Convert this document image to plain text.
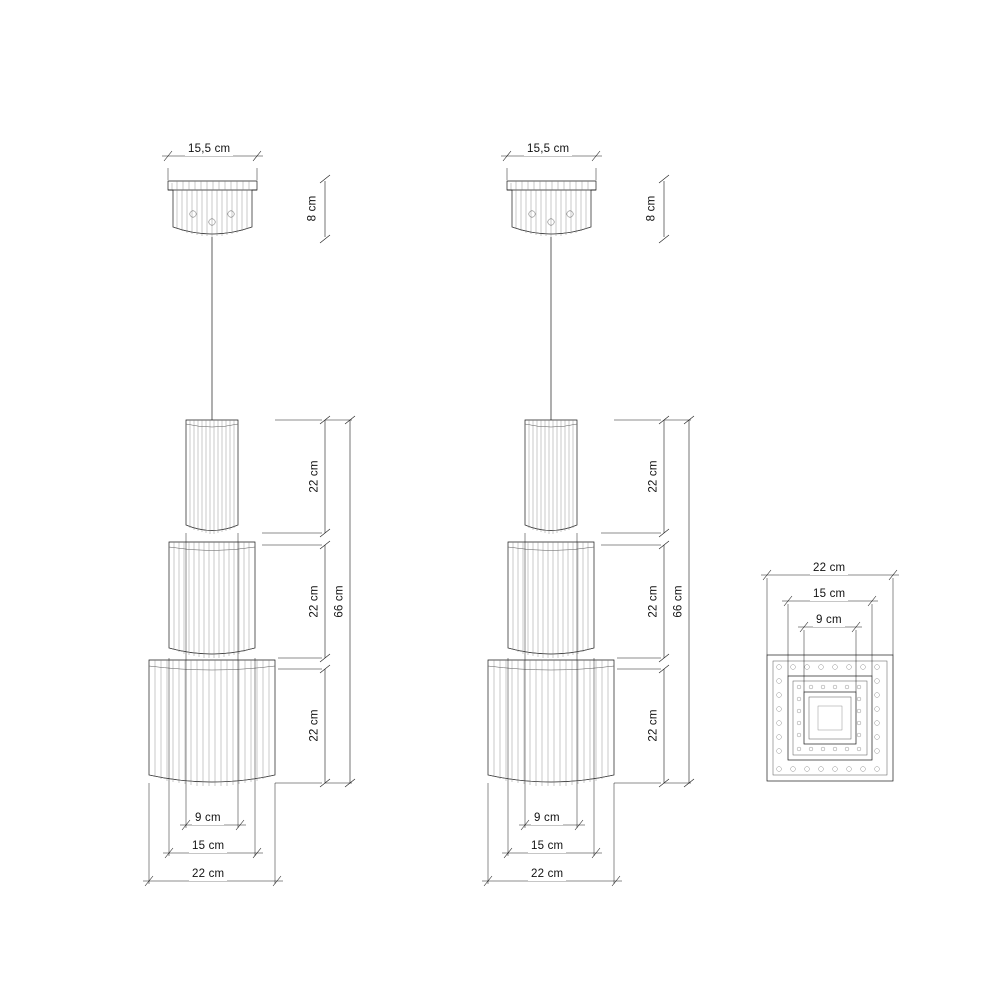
15,5 cm
8 cm
22 cm
22 cm
22 cm
66 cm
9 cm
15 cm
22 cm
15,5 cm
8 cm
22 cm
22 cm
22 cm
66 cm
9 cm
15 cm
22 cm
22 cm
15 cm
9 cm
